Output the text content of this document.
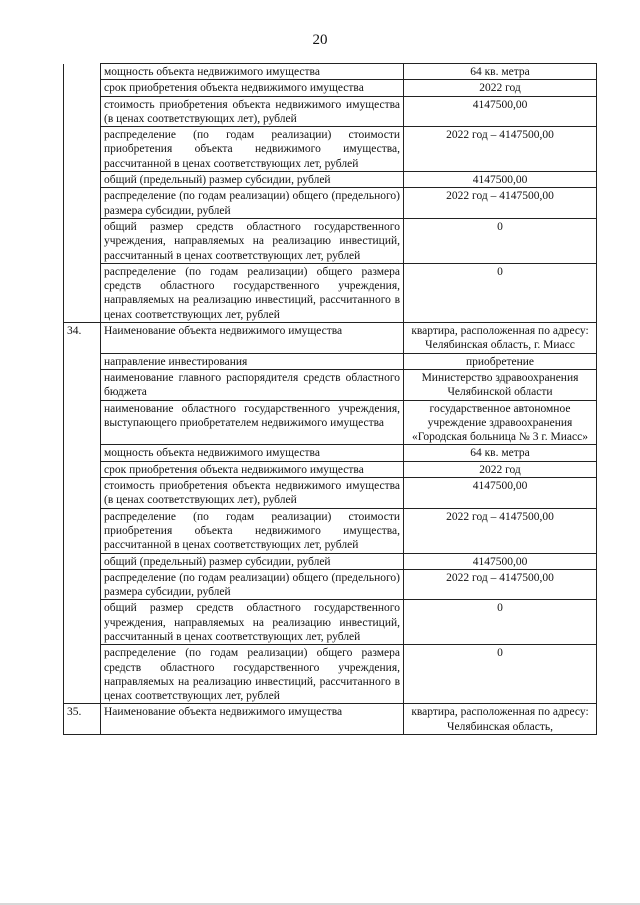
20
	мощность объекта недвижимого имущества	64 кв. метра
	срок приобретения объекта недвижимого имущества	2022 год
	стоимость приобретения объекта недвижимого имущества (в ценах соответствующих лет), рублей	4147500,00
	распределение (по годам реализации) стоимости приобретения объекта недвижимого имущества, рассчитанной в ценах соответствующих лет, рублей	2022 год – 4147500,00
	общий (предельный) размер субсидии, рублей	4147500,00
	распределение (по годам реализации) общего (предельного) размера субсидии, рублей	2022 год – 4147500,00
	общий размер средств областного государственного учреждения, направляемых на реализацию инвестиций, рассчитанный в ценах соответствующих лет, рублей	0
	распределение (по годам реализации) общего размера средств областного государственного учреждения, направляемых на реализацию инвестиций, рассчитанного в ценах соответствующих лет, рублей	0
34.	Наименование объекта недвижимого имущества	квартира, расположенная по адресу: Челябинская область, г. Миасс
	направление инвестирования	приобретение
	наименование главного распорядителя средств областного бюджета	Министерство здравоохранения Челябинской области
	наименование областного государственного учреждения, выступающего приобретателем недвижимого имущества	государственное автономное учреждение здравоохранения «Городская больница № 3 г. Миасс»
	мощность объекта недвижимого имущества	64 кв. метра
	срок приобретения объекта недвижимого имущества	2022 год
	стоимость приобретения объекта недвижимого имущества (в ценах соответствующих лет), рублей	4147500,00
	распределение (по годам реализации) стоимости приобретения объекта недвижимого имущества, рассчитанной в ценах соответствующих лет, рублей	2022 год – 4147500,00
	общий (предельный) размер субсидии, рублей	4147500,00
	распределение (по годам реализации) общего (предельного) размера субсидии, рублей	2022 год – 4147500,00
	общий размер средств областного государственного учреждения, направляемых на реализацию инвестиций, рассчитанный в ценах соответствующих лет, рублей	0
	распределение (по годам реализации) общего размера средств областного государственного учреждения, направляемых на реализацию инвестиций, рассчитанного в ценах соответствующих лет, рублей	0
35.	Наименование объекта недвижимого имущества	квартира, расположенная по адресу: Челябинская область,
